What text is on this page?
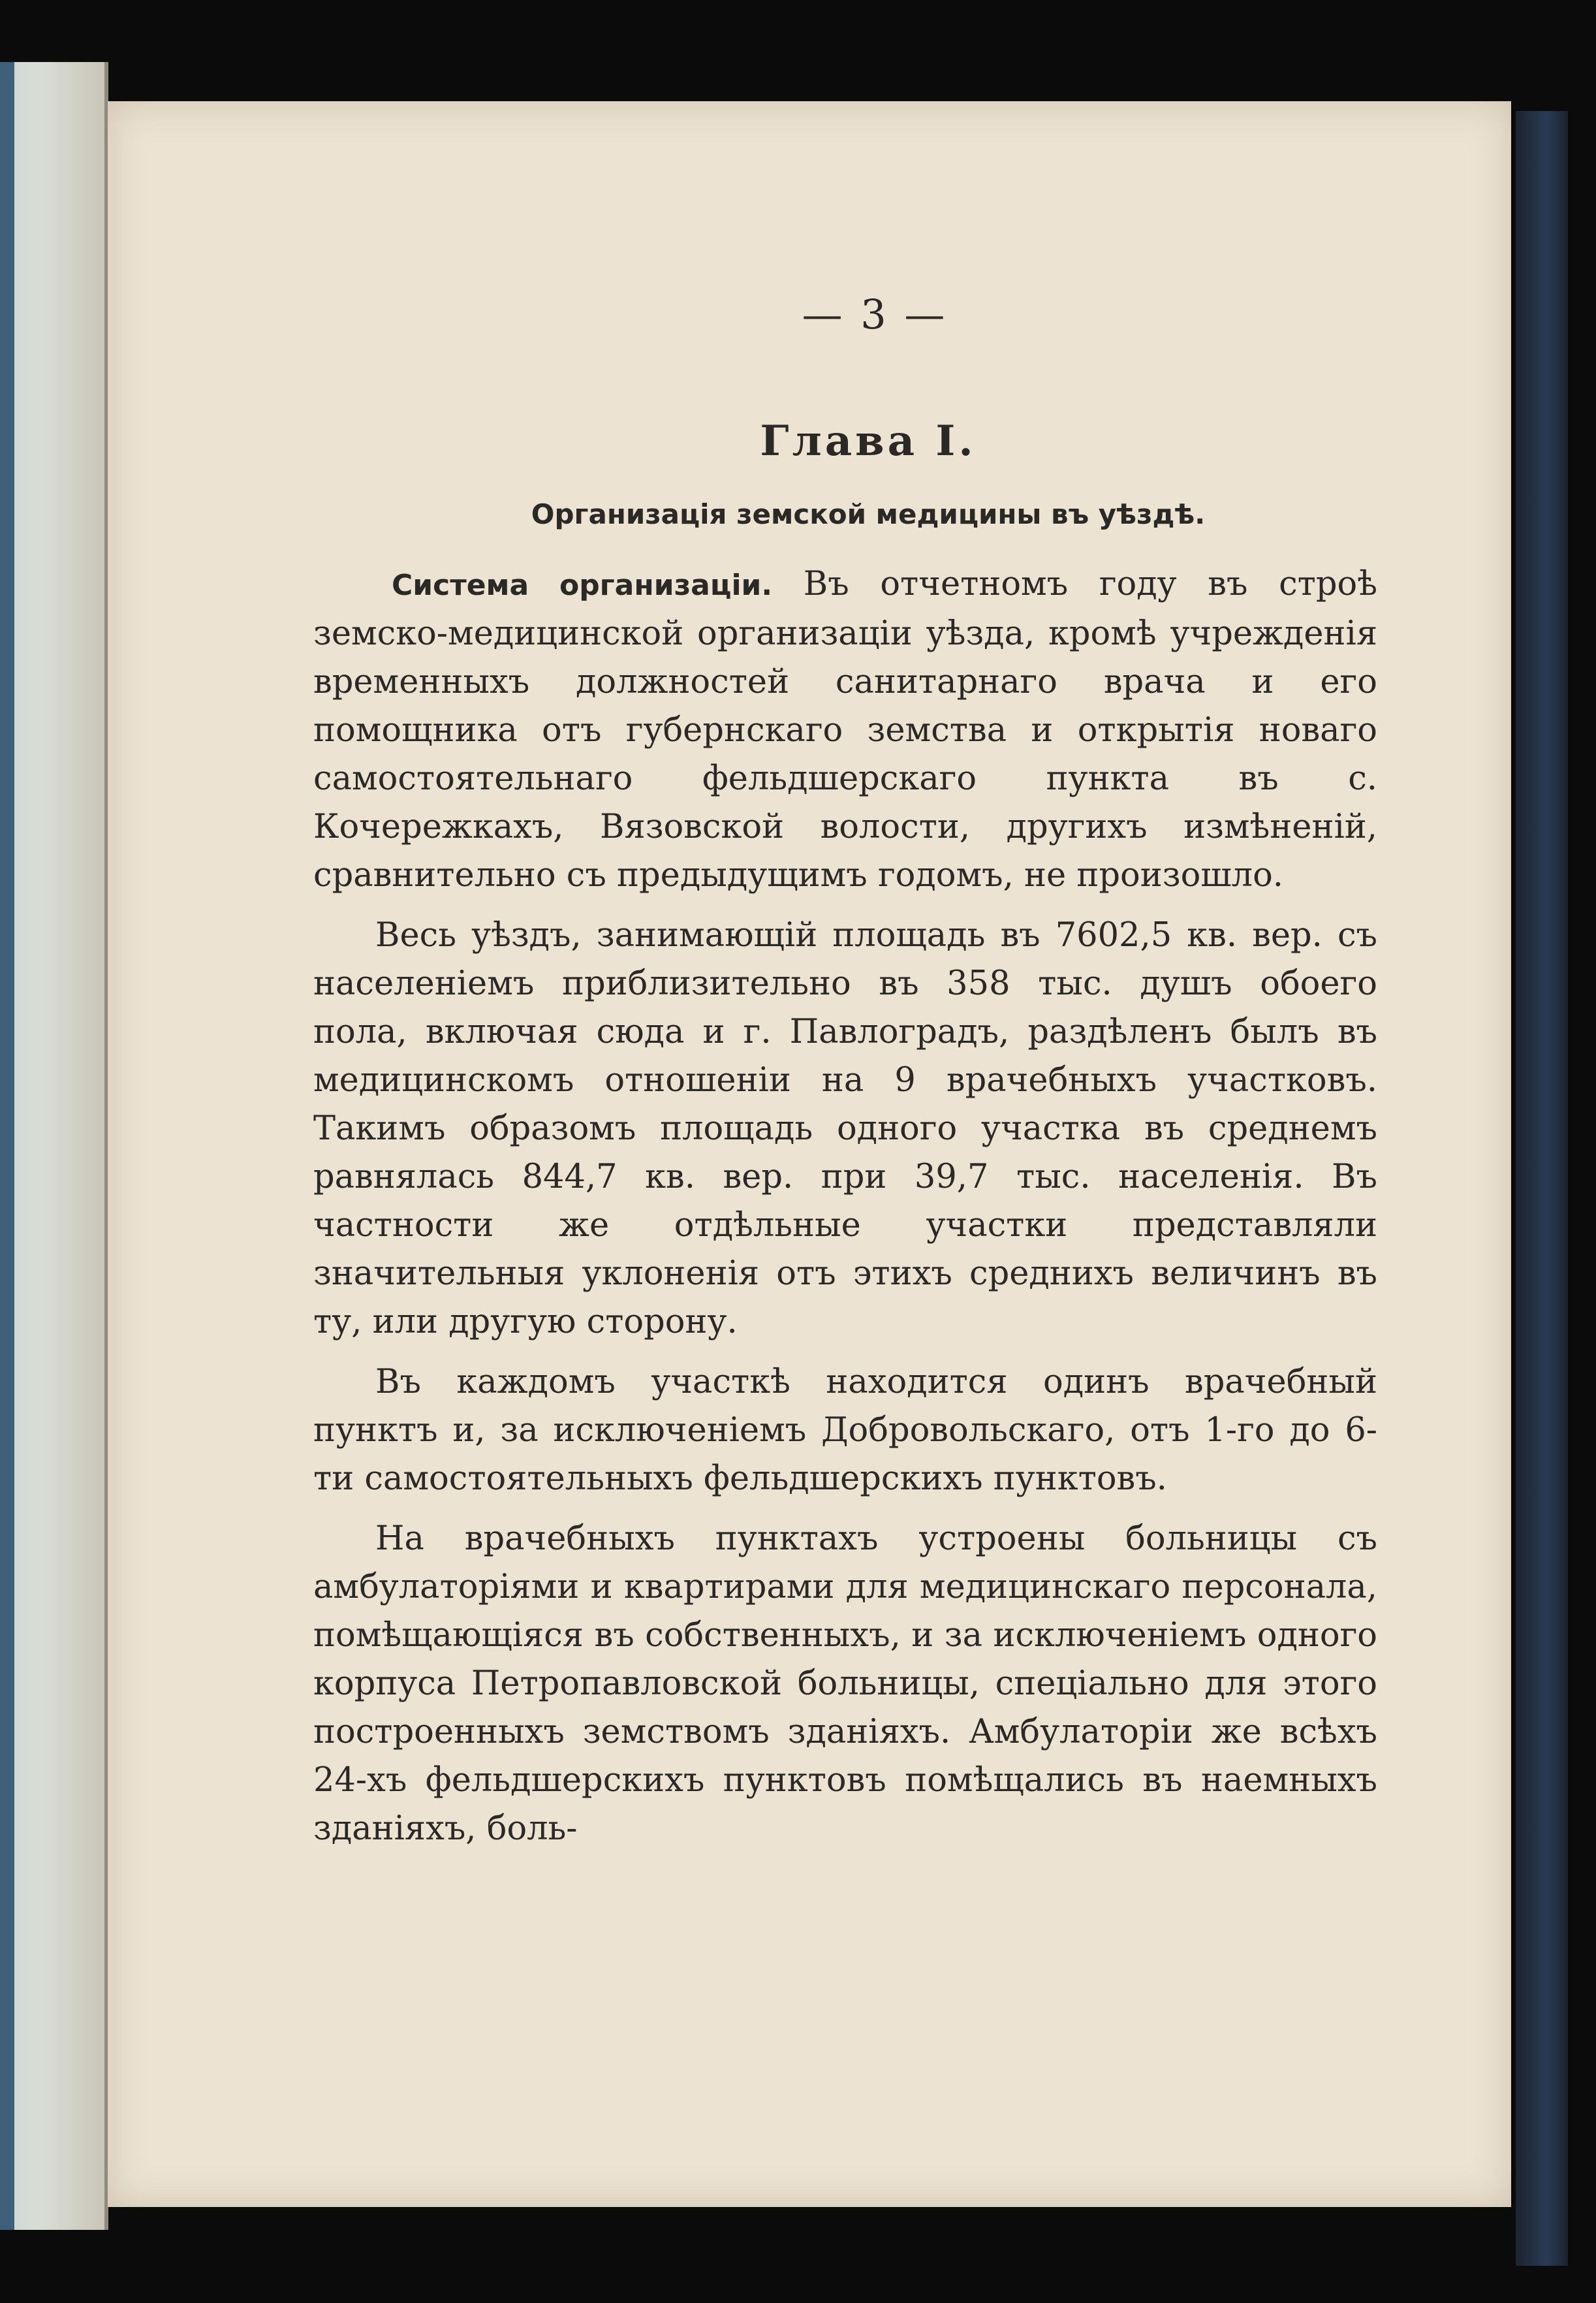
— 3 —
Глава I.
Организація земской медицины въ уѣздѣ.

Система организаціи. Въ отчетномъ году въ строѣ земско-медицинской организаціи уѣзда, кромѣ учрежденія временныхъ должностей санитарнаго врача и его помощника отъ губернскаго земства и открытія новаго самостоятельнаго фельдшерскаго пункта въ с. Кочережкахъ, Вязовской волости, другихъ измѣненій, сравнительно съ предыдущимъ годомъ, не произошло.

Весь уѣздъ, занимающій площадь въ 7602,5 кв. вер. съ населеніемъ приблизительно въ 358 тыс. душъ обоего пола, включая сюда и г. Павлоградъ, раздѣленъ былъ въ медицинскомъ отношеніи на 9 врачебныхъ участковъ. Такимъ образомъ площадь одного участка въ среднемъ равнялась 844,7 кв. вер. при 39,7 тыс. населенія. Въ частности же отдѣльные участки представляли значительныя уклоненія отъ этихъ среднихъ величинъ въ ту, или другую сторону.

Въ каждомъ участкѣ находится одинъ врачебный пунктъ и, за исключеніемъ Добровольскаго, отъ 1-го до 6-ти самостоятельныхъ фельдшерскихъ пунктовъ.

На врачебныхъ пунктахъ устроены больницы съ амбулаторіями и квартирами для медицинскаго персонала, помѣщающіяся въ собственныхъ, и за исключеніемъ одного корпуса Петропавловской больницы, спеціально для этого построенныхъ земствомъ зданіяхъ. Амбулаторіи же всѣхъ 24-хъ фельдшерскихъ пунктовъ помѣщались въ наемныхъ зданіяхъ, боль-
